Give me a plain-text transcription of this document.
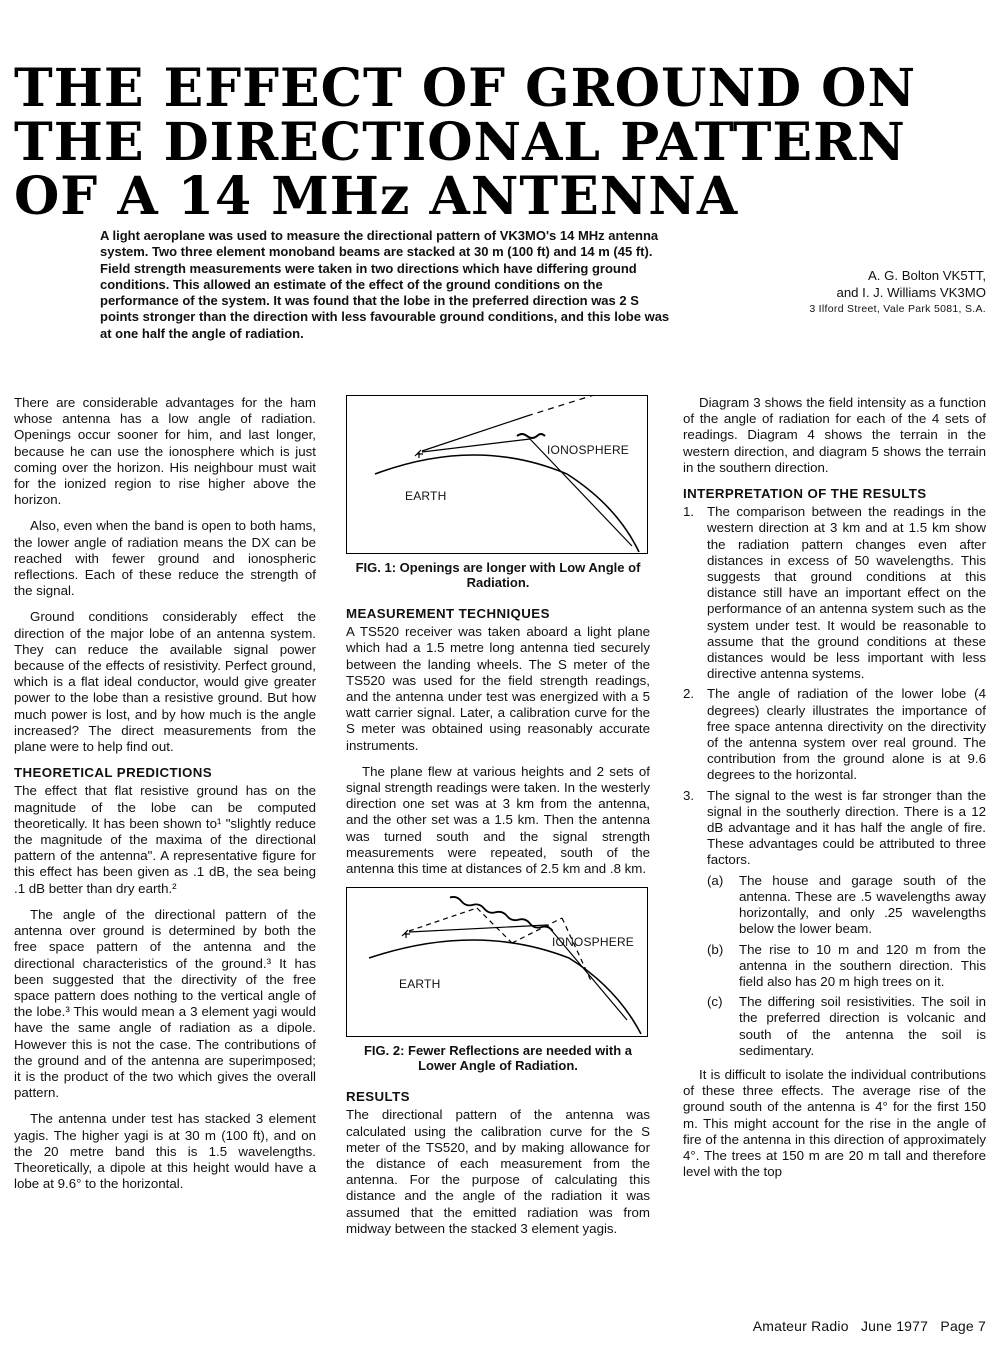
THE EFFECT OF GROUND ON THE DIRECTIONAL PATTERN OF A 14 MHz ANTENNA

A light aeroplane was used to measure the directional pattern of VK3MO's 14 MHz antenna system. Two three element monoband beams are stacked at 30 m (100 ft) and 14 m (45 ft). Field strength measurements were taken in two directions which have differing ground conditions. This allowed an estimate of the effect of the ground conditions on the performance of the system. It was found that the lobe in the preferred direction was 2 S points stronger than the direction with less favourable ground conditions, and this lobe was at one half the angle of radiation.

A. G. Bolton VK5TT,
and I. J. Williams VK3MO
3 Ilford Street, Vale Park 5081, S.A.

There are considerable advantages for the ham whose antenna has a low angle of radiation. Openings occur sooner for him, and last longer, because he can use the ionosphere which is just coming over the horizon. His neighbour must wait for the ionized region to rise higher above the horizon.

Also, even when the band is open to both hams, the lower angle of radiation means the DX can be reached with fewer ground and ionospheric reflections. Each of these reduce the strength of the signal.

Ground conditions considerably effect the direction of the major lobe of an antenna system. They can reduce the available signal power because of the effects of resistivity. Perfect ground, which is a flat ideal conductor, would give greater power to the lobe than a resistive ground. But how much power is lost, and by how much is the angle increased? The direct measurements from the plane were to help find out.

THEORETICAL PREDICTIONS

The effect that flat resistive ground has on the magnitude of the lobe can be computed theoretically. It has been shown to¹ "slightly reduce the magnitude of the maxima of the directional pattern of the antenna". A representative figure for this effect has been given as .1 dB, the sea being .1 dB better than dry earth.²

The angle of the directional pattern of the antenna over ground is determined by both the free space pattern of the antenna and the directional characteristics of the ground.³ It has been suggested that the directivity of the free space pattern does nothing to the vertical angle of the lobe.³ This would mean a 3 element yagi would have the same angle of radiation as a dipole. However this is not the case. The contributions of the ground and of the antenna are superimposed; it is the product of the two which gives the overall pattern.

The antenna under test has stacked 3 element yagis. The higher yagi is at 30 m (100 ft), and on the 20 metre band this is 1.5 wavelengths. Theoretically, a dipole at this height would have a lobe at 9.6° to the horizontal.

IONOSPHERE
EARTH
FIG. 1: Openings are longer with Low Angle of Radiation.
MEASUREMENT TECHNIQUES

A TS520 receiver was taken aboard a light plane which had a 1.5 metre long antenna tied securely between the landing wheels. The S meter of the TS520 was used for the field strength readings, and the antenna under test was energized with a 5 watt carrier signal. Later, a calibration curve for the S meter was obtained using reasonably accurate instruments.

The plane flew at various heights and 2 sets of signal strength readings were taken. In the westerly direction one set was at 3 km from the antenna, and the other set was a 1.5 km. Then the antenna was turned south and the signal strength measurements were repeated, south of the antenna this time at distances of 2.5 km and .8 km.

IONOSPHERE
EARTH
FIG. 2: Fewer Reflections are needed with a Lower Angle of Radiation.
RESULTS

The directional pattern of the antenna was calculated using the calibration curve for the S meter of the TS520, and by making allowance for the distance of each measurement from the antenna. For the purpose of calculating this distance and the angle of the radiation it was assumed that the emitted radiation was from midway between the stacked 3 element yagis.

Diagram 3 shows the field intensity as a function of the angle of radiation for each of the 4 sets of readings. Diagram 4 shows the terrain in the western direction, and diagram 5 shows the terrain in the southern direction.

INTERPRETATION OF THE RESULTS
1. The comparison between the readings in the western direction at 3 km and at 1.5 km show the radiation pattern changes even after distances in excess of 50 wavelengths. This suggests that ground conditions at this distance still have an important effect on the performance of an antenna system such as the system under test. It would be reasonable to assume that the ground conditions at these distances would be less important with less directive antenna systems.
2. The angle of radiation of the lower lobe (4 degrees) clearly illustrates the importance of free space antenna directivity on the directivity of the antenna system over real ground. The contribution from the ground alone is at 9.6 degrees to the horizontal.
3. The signal to the west is far stronger than the signal in the southerly direction. There is a 12 dB advantage and it has half the angle of fire. These advantages could be attributed to three factors.
(a) The house and garage south of the antenna. These are .5 wavelengths away horizontally, and only .25 wavelengths below the lower beam.
(b) The rise to 10 m and 120 m from the antenna in the southern direction. This field also has 20 m high trees on it.
(c) The differing soil resistivities. The soil in the preferred direction is volcanic and south of the antenna the soil is sedimentary.

It is difficult to isolate the individual contributions of these three effects. The average rise of the ground south of the antenna is 4° for the first 150 m. This might account for the rise in the angle of fire of the antenna in this direction of approximately 4°. The trees at 150 m are 20 m tall and therefore level with the top

Amateur Radio   June 1977   Page 7
